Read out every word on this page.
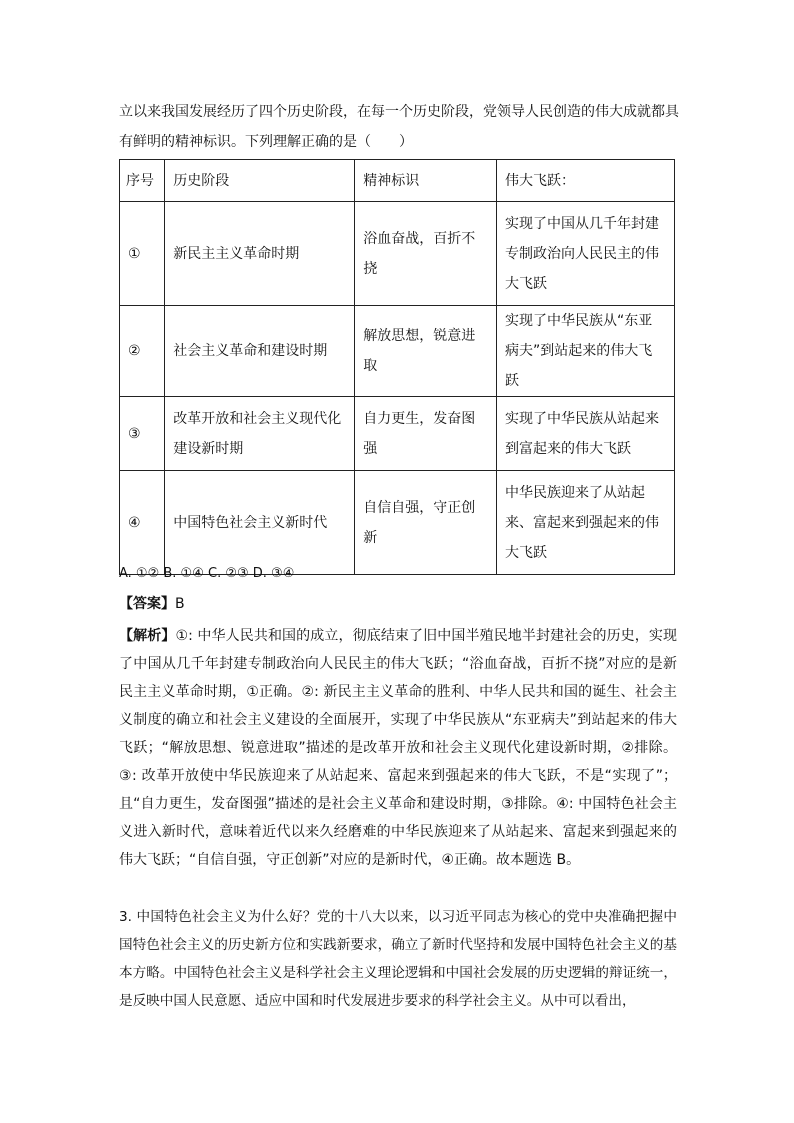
立以来我国发展经历了四个历史阶段，在每一个历史阶段，党领导人民创造的伟大成就都具
有鲜明的精神标识。下列理解正确的是（　　）
序号	历史阶段	精神标识	伟大飞跃：
①	新民主主义革命时期	浴血奋战，百折不挠	实现了中国从几千年封建专制政治向人民民主的伟大飞跃
②	社会主义革命和建设时期	解放思想，锐意进取	实现了中华民族从“东亚病夫”到站起来的伟大飞跃
③	改革开放和社会主义现代化建设新时期	自力更生，发奋图强	实现了中华民族从站起来到富起来的伟大飞跃
④	中国特色社会主义新时代	自信自强，守正创新	中华民族迎来了从站起来、富起来到强起来的伟大飞跃
A. ①② B. ①④ C. ②③ D. ③④
【答案】B
【解析】①: 中华人民共和国的成立，彻底结束了旧中国半殖民地半封建社会的历史，实现了中国从几千年封建专制政治向人民民主的伟大飞跃；“浴血奋战，百折不挠”对应的是新民主主义革命时期，①正确。②: 新民主主义革命的胜利、中华人民共和国的诞生、社会主义制度的确立和社会主义建设的全面展开，实现了中华民族从“东亚病夫”到站起来的伟大飞跃；“解放思想、锐意进取”描述的是改革开放和社会主义现代化建设新时期，②排除。③: 改革开放使中华民族迎来了从站起来、富起来到强起来的伟大飞跃，不是“实现了”；且“自力更生，发奋图强”描述的是社会主义革命和建设时期，③排除。④: 中国特色社会主义进入新时代，意味着近代以来久经磨难的中华民族迎来了从站起来、富起来到强起来的伟大飞跃；“自信自强，守正创新”对应的是新时代，④正确。故本题选 B。
3. 中国特色社会主义为什么好？党的十八大以来，以习近平同志为核心的党中央准确把握中国特色社会主义的历史新方位和实践新要求，确立了新时代坚持和发展中国特色社会主义的基本方略。中国特色社会主义是科学社会主义理论逻辑和中国社会发展的历史逻辑的辩证统一，是反映中国人民意愿、适应中国和时代发展进步要求的科学社会主义。从中可以看出，
